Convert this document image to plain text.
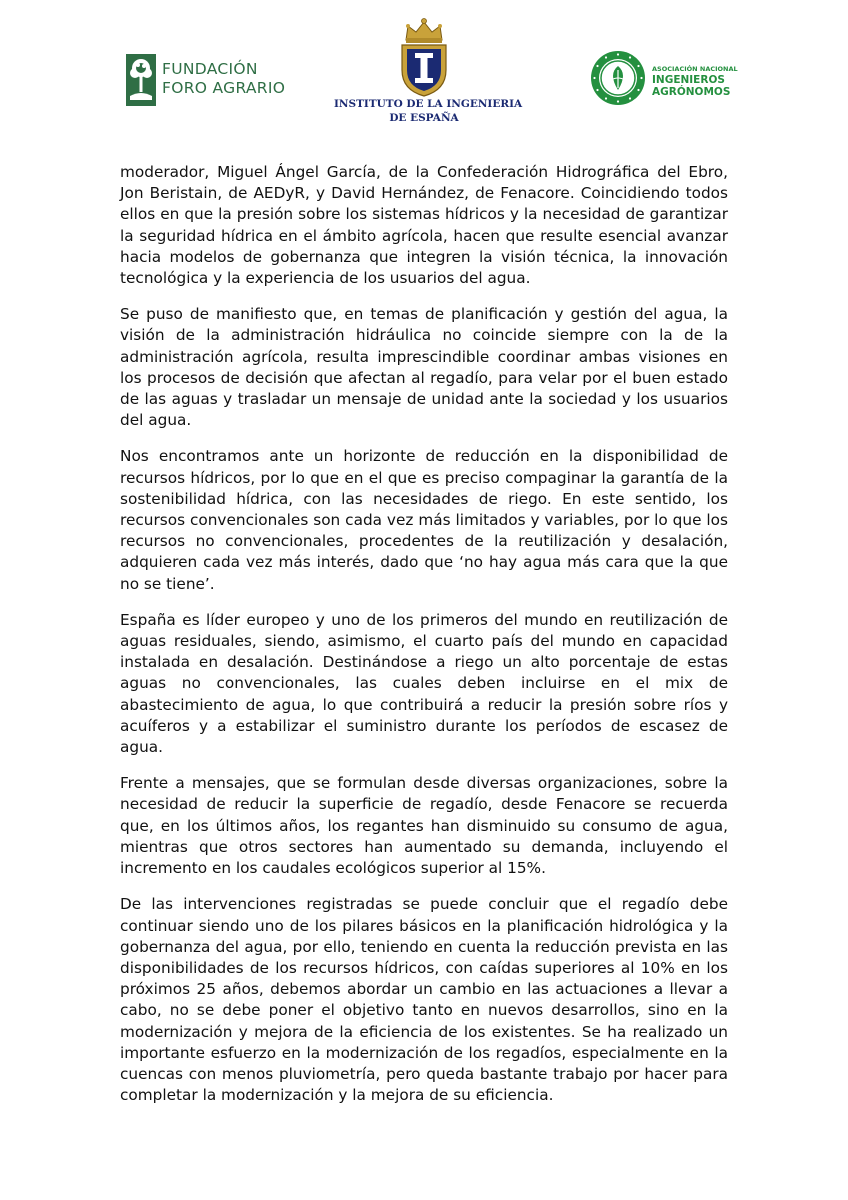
FUNDACIÓN
FORO AGRARIO
INSTITUTO DE LA INGENIERIA
DE ESPAÑA
ASOCIACIÓN NACIONAL
INGENIEROS
AGRÓNOMOS

moderador, Miguel Ángel García, de la Confederación Hidrográfica del Ebro, Jon Beristain, de AEDyR, y David Hernández, de Fenacore. Coincidiendo todos ellos en que la presión sobre los sistemas hídricos y la necesidad de garantizar la seguridad hídrica en el ámbito agrícola, hacen que resulte esencial avanzar hacia modelos de gobernanza que integren la visión técnica, la innovación tecnológica y la experiencia de los usuarios del agua.

Se puso de manifiesto que, en temas de planificación y gestión del agua, la visión de la administración hidráulica no coincide siempre con la de la administración agrícola, resulta imprescindible coordinar ambas visiones en los procesos de decisión que afectan al regadío, para velar por el buen estado de las aguas y trasladar un mensaje de unidad ante la sociedad y los usuarios del agua.

Nos encontramos ante un horizonte de reducción en la disponibilidad de recursos hídricos, por lo que en el que es preciso compaginar la garantía de la sostenibilidad hídrica, con las necesidades de riego. En este sentido, los recursos convencionales son cada vez más limitados y variables, por lo que los recursos no convencionales, procedentes de la reutilización y desalación, adquieren cada vez más interés, dado que ‘no hay agua más cara que la que no se tiene’.

España es líder europeo y uno de los primeros del mundo en reutilización de aguas residuales, siendo, asimismo, el cuarto país del mundo en capacidad instalada en desalación. Destinándose a riego un alto porcentaje de estas aguas no convencionales, las cuales deben incluirse en el mix de abastecimiento de agua, lo que contribuirá a reducir la presión sobre ríos y acuíferos y a estabilizar el suministro durante los períodos de escasez de agua.

Frente a mensajes, que se formulan desde diversas organizaciones, sobre la necesidad de reducir la superficie de regadío, desde Fenacore se recuerda que, en los últimos años, los regantes han disminuido su consumo de agua, mientras que otros sectores han aumentado su demanda, incluyendo el incremento en los caudales ecológicos superior al 15%.

De las intervenciones registradas se puede concluir que el regadío debe continuar siendo uno de los pilares básicos en la planificación hidrológica y la gobernanza del agua, por ello, teniendo en cuenta la reducción prevista en las disponibilidades de los recursos hídricos, con caídas superiores al 10% en los próximos 25 años, debemos abordar un cambio en las actuaciones a llevar a cabo, no se debe poner el objetivo tanto en nuevos desarrollos, sino en la modernización y mejora de la eficiencia de los existentes. Se ha realizado un importante esfuerzo en la modernización de los regadíos, especialmente en la cuencas con menos pluviometría, pero queda bastante trabajo por hacer para completar la modernización y la mejora de su eficiencia.
